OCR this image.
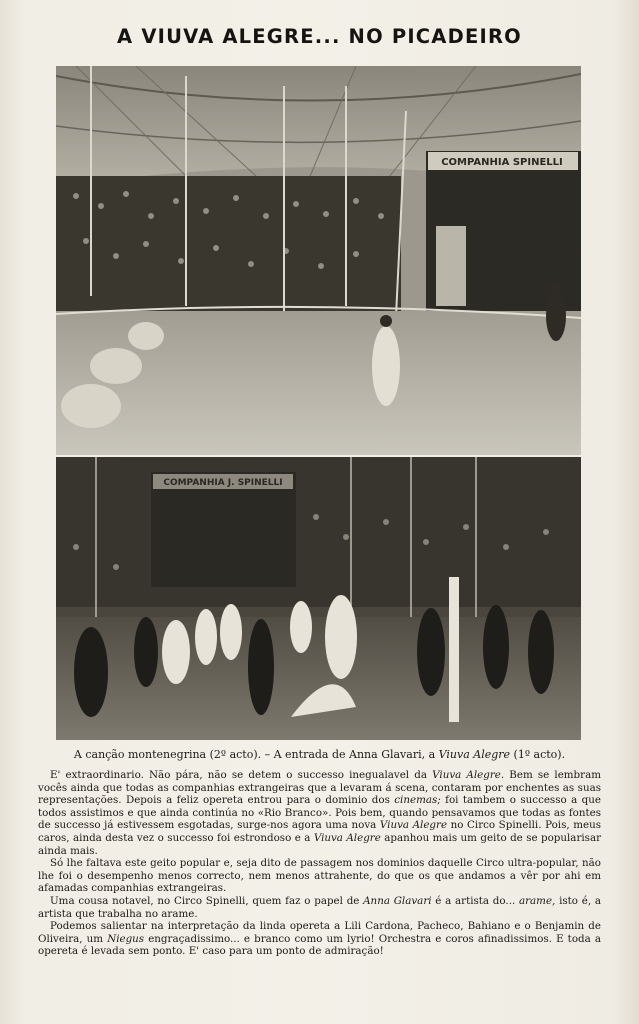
A VIUVA ALEGRE... NO PICADEIRO
COMPANHIA SPINELLI
COMPANHIA J. SPINELLI
A canção montenegrina (2º acto). – A entrada de Anna Glavari, a Viuva Alegre (1º acto).

E' extraordinario. Não pára, não se detem o successo inegualavel da Viuva Alegre. Bem se lembram vocês ainda que todas as companhias extrangeiras que a levaram á scena, contaram por enchentes as suas representações. Depois a feliz opereta entrou para o dominio dos cinemas; foi tambem o successo a que todos assistimos e que ainda continúa no «Rio Branco». Pois bem, quando pensavamos que todas as fontes de successo já estivessem esgotadas, surge-nos agora uma nova Viuva Alegre no Circo Spinelli. Pois, meus caros, ainda desta vez o successo foi estrondoso e a Viuva Alegre apanhou mais um geito de se popularisar ainda mais.

Só lhe faltava este geito popular e, seja dito de passagem nos dominios daquelle Circo ultra-popular, não lhe foi o desempenho menos correcto, nem menos attrahente, do que os que andamos a vêr por ahi em afamadas companhias extrangeiras.

Uma cousa notavel, no Circo Spinelli, quem faz o papel de Anna Glavari é a artista do... arame, isto é, a artista que trabalha no arame.

Podemos salientar na interpretação da linda opereta a Lili Cardona, Pacheco, Bahiano e o Benjamin de Oliveira, um Niegus engraçadissimo... e branco como um lyrio! Orchestra e coros afinadissimos. E toda a opereta é levada sem ponto. E' caso para um ponto de admiração!
